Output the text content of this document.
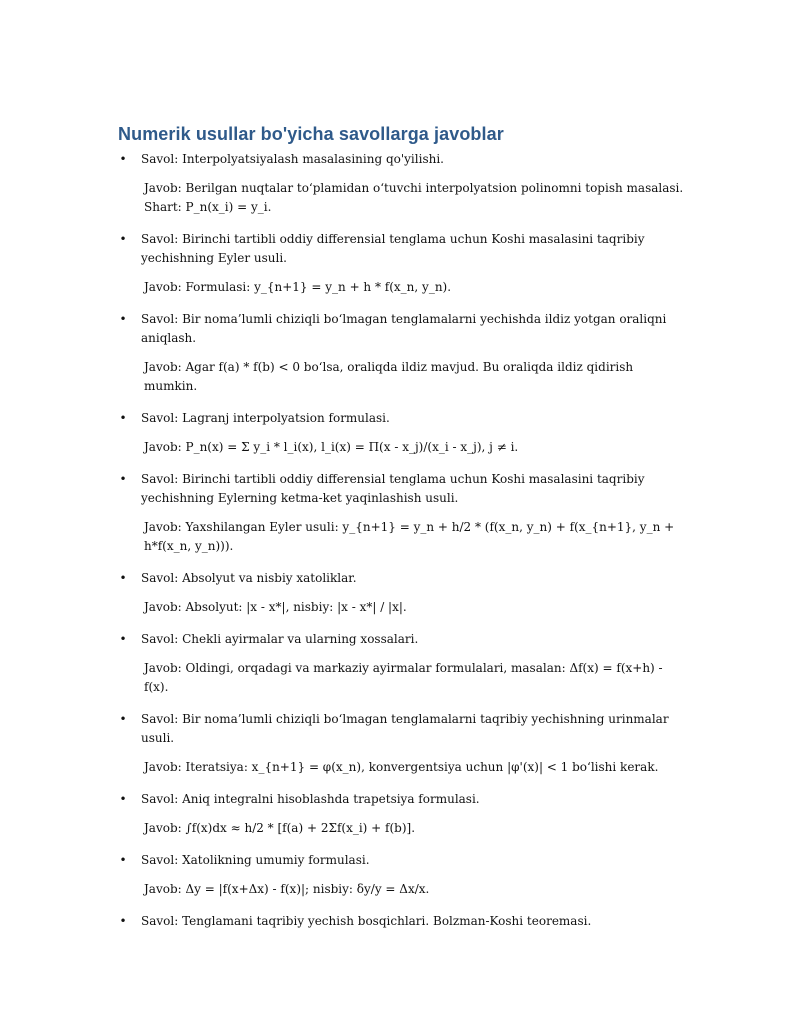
Numerik usullar bo'yicha savollarga javoblar
• Savol: Interpolyatsiyalash masalasining qo'yilishi.
Javob: Berilgan nuqtalar to‘plamidan o‘tuvchi interpolyatsion polinomni topish masalasi. Shart: P_n(x_i) = y_i.
• Savol: Birinchi tartibli oddiy differensial tenglama uchun Koshi masalasini taqribiy yechishning Eyler usuli.
Javob: Formulasi: y_{n+1} = y_n + h * f(x_n, y_n).
• Savol: Bir noma’lumli chiziqli bo‘lmagan tenglamalarni yechishda ildiz yotgan oraliqni aniqlash.
Javob: Agar f(a) * f(b) < 0 bo‘lsa, oraliqda ildiz mavjud. Bu oraliqda ildiz qidirish mumkin.
• Savol: Lagranj interpolyatsion formulasi.
Javob: P_n(x) = Σ y_i * l_i(x), l_i(x) = Π(x - x_j)/(x_i - x_j), j ≠ i.
• Savol: Birinchi tartibli oddiy differensial tenglama uchun Koshi masalasini taqribiy yechishning Eylerning ketma-ket yaqinlashish usuli.
Javob: Yaxshilangan Eyler usuli: y_{n+1} = y_n + h/2 * (f(x_n, y_n) + f(x_{n+1}, y_n + h*f(x_n, y_n))).
• Savol: Absolyut va nisbiy xatoliklar.
Javob: Absolyut: |x - x*|, nisbiy: |x - x*| / |x|.
• Savol: Chekli ayirmalar va ularning xossalari.
Javob: Oldingi, orqadagi va markaziy ayirmalar formulalari, masalan: Δf(x) = f(x+h) - f(x).
• Savol: Bir noma’lumli chiziqli bo‘lmagan tenglamalarni taqribiy yechishning urinmalar usuli.
Javob: Iteratsiya: x_{n+1} = φ(x_n), konvergentsiya uchun |φ'(x)| < 1 bo‘lishi kerak.
• Savol: Aniq integralni hisoblashda trapetsiya formulasi.
Javob: ∫f(x)dx ≈ h/2 * [f(a) + 2Σf(x_i) + f(b)].
• Savol: Xatolikning umumiy formulasi.
Javob: Δy = |f(x+Δx) - f(x)|; nisbiy: δy/y = Δx/x.
• Savol: Tenglamani taqribiy yechish bosqichlari. Bolzman-Koshi teoremasi.
